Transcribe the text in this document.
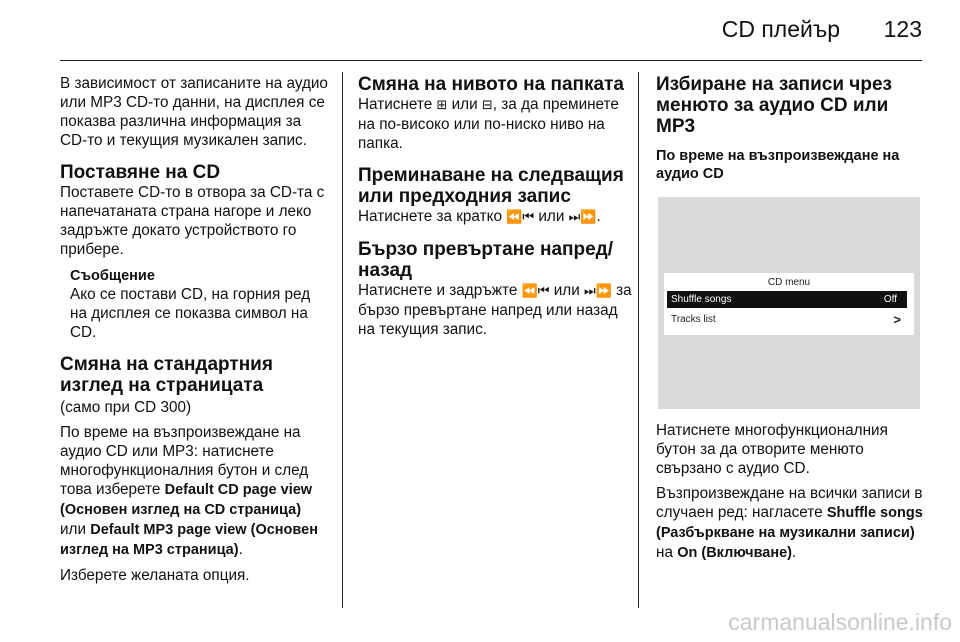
CD плейър 123

В зависимост от записаните на аудио или MP3 CD-то данни, на дисплея се показва различна информация за CD-то и текущия музикален запис.

Поставяне на CD

Поставете CD-то в отвора за CD-та с напечатаната страна нагоре и леко задръжте докато устройството го прибере.

Съобщение
Ако се постави CD, на горния ред на дисплея се показва символ на CD.
Смяна на стандартния изглед на страницата

(само при CD 300)

По време на възпроизвеждане на аудио CD или MP3: натиснете многофункционалния бутон и след това изберете Default CD page view (Основен изглед на CD страница) или Default MP3 page view (Основен изглед на MP3 страница).

Изберете желаната опция.

Смяна на нивото на папката

Натиснете ⊞ или ⊟, за да преминете на по-високо или по-ниско ниво на папка.

Преминаване на следващия или предходния запис

Натиснете за кратко ⏪⏮ или ⏭⏩.

Бързо превъртане напред/назад

Натиснете и задръжте ⏪⏮ или ⏭⏩ за бързо превъртане напред или назад на текущия запис.

Избиране на записи чрез менюто за аудио CD или MP3
По време на възпроизвеждане на аудио CD
CD menu
Shuffle songs	Off
Tracks list	>

Натиснете многофункционалния бутон за да отворите менюто свързано с аудио CD.

Възпроизвеждане на всички записи в случаен ред: нагласете Shuffle songs (Разбъркване на музикални записи) на On (Включване).

carmanualsonline.info
